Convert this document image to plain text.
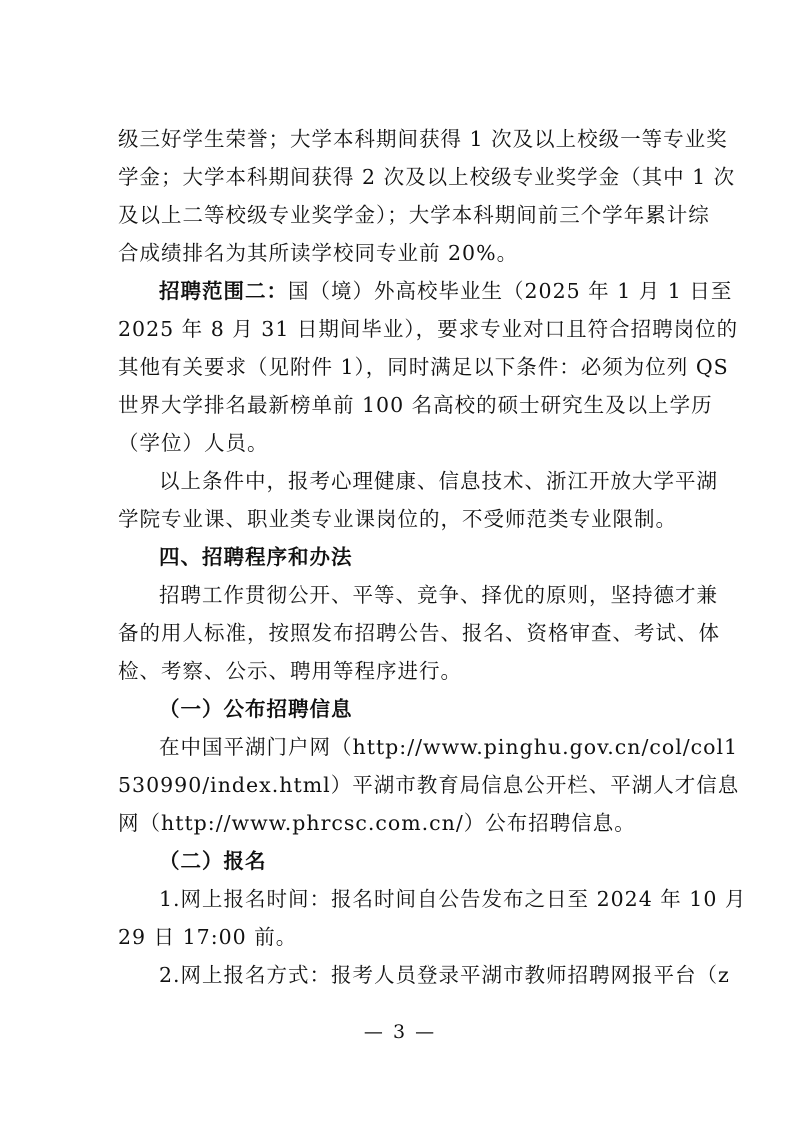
级三好学生荣誉；大学本科期间获得 1 次及以上校级一等专业奖
学金；大学本科期间获得 2 次及以上校级专业奖学金（其中 1 次
及以上二等校级专业奖学金）；大学本科期间前三个学年累计综
合成绩排名为其所读学校同专业前 20%。
招聘范围二：国（境）外高校毕业生（2025 年 1 月 1 日至
2025 年 8 月 31 日期间毕业），要求专业对口且符合招聘岗位的
其他有关要求（见附件 1），同时满足以下条件：必须为位列 QS
世界大学排名最新榜单前 100 名高校的硕士研究生及以上学历
（学位）人员。
以上条件中，报考心理健康、信息技术、浙江开放大学平湖
学院专业课、职业类专业课岗位的，不受师范类专业限制。
四、招聘程序和办法
招聘工作贯彻公开、平等、竞争、择优的原则，坚持德才兼
备的用人标准，按照发布招聘公告、报名、资格审查、考试、体
检、考察、公示、聘用等程序进行。
（一）公布招聘信息
在中国平湖门户网（http://www.pinghu.gov.cn/col/col1
530990/index.html）平湖市教育局信息公开栏、平湖人才信息
网（http://www.phrcsc.com.cn/）公布招聘信息。
（二）报名
1.网上报名时间：报名时间自公告发布之日至 2024 年 10 月
29 日 17:00 前。
2.网上报名方式：报考人员登录平湖市教师招聘网报平台（z
— 3 —
